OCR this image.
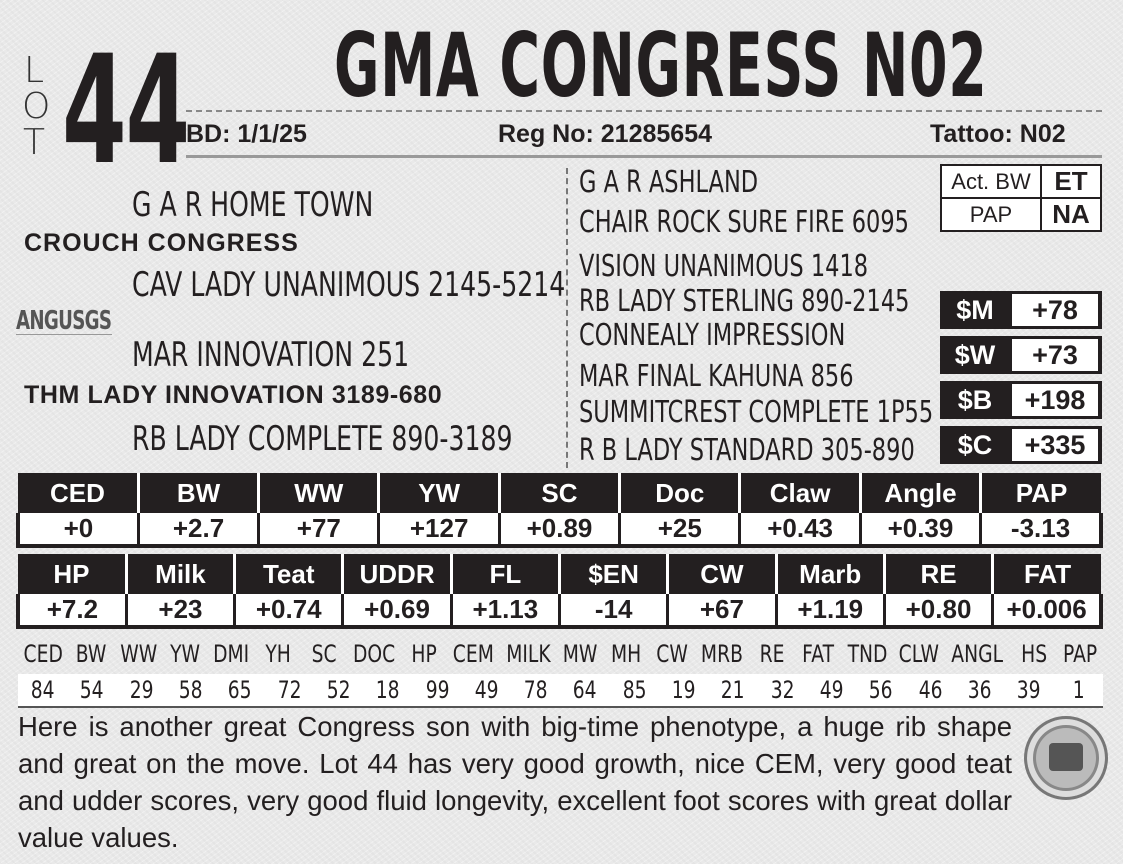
L
O
T 44 GMA CONGRESS N02
BD: 1/1/25	Reg No: 21285654	Tattoo: N02
G A R HOME TOWN
CROUCH CONGRESS
CAV LADY UNANIMOUS 2145-5214
ANGUSGS
MAR INNOVATION 251
THM LADY INNOVATION 3189-680
RB LADY COMPLETE 890-3189
G A R ASHLAND
CHAIR ROCK SURE FIRE 6095
VISION UNANIMOUS 1418
RB LADY STERLING 890-2145
CONNEALY IMPRESSION
MAR FINAL KAHUNA 856
SUMMITCREST COMPLETE 1P55
R B LADY STANDARD 305-890
Act. BW	ET
PAP	NA
$M	+78
$W	+73
$B	+198
$C	+335
CED	BW	WW	YW	SC	Doc	Claw	Angle	PAP
+0	+2.7	+77	+127	+0.89	+25	+0.43	+0.39	-3.13
HP	Milk	Teat	UDDR	FL	$EN	CW	Marb	RE	FAT
+7.2	+23	+0.74	+0.69	+1.13	-14	+67	+1.19	+0.80	+0.006
CED BW WW YW DMI YH SC DOC HP CEM MILK MW MH CW MRB RE FAT TND CLW ANGL HS PAP
84	54	29	58	65	72	52	18	99	49	78	64	85	19	21	32	49	56	46	36	39	1
Here is another great Congress son with big-time phenotype, a huge rib shape and great on the move. Lot 44 has very good growth, nice CEM, very good teat and udder scores, very good fluid longevity, excellent foot scores with great dollar value values.
